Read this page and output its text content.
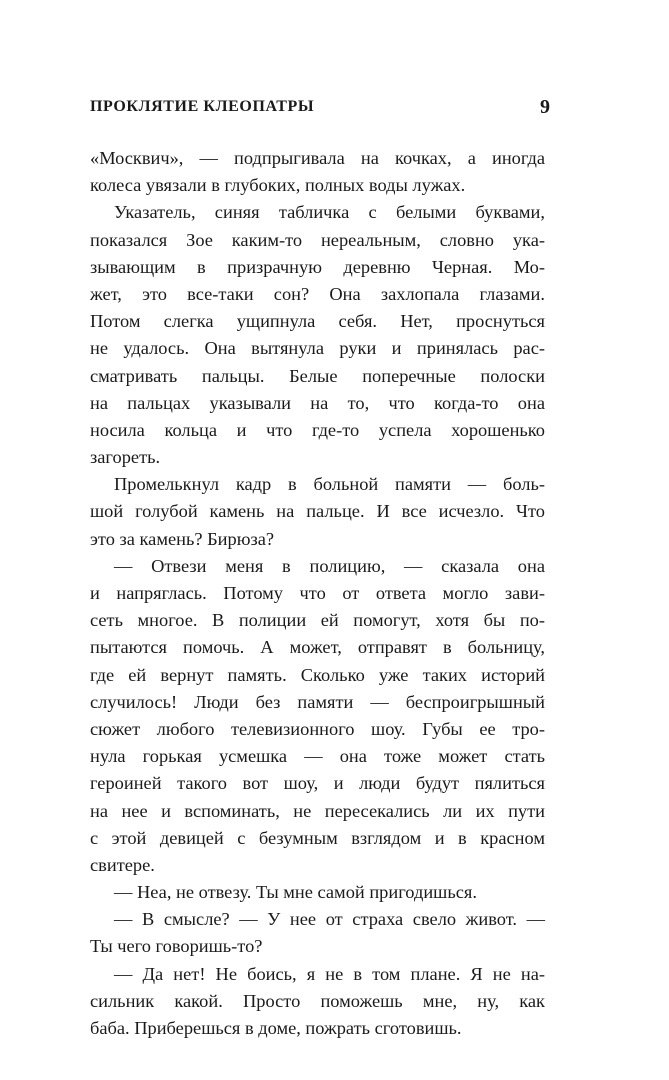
ПРОКЛЯТИЕ КЛЕОПАТРЫ	9
«Москвич», — подпрыгивала на кочках, а иногда
колеса увязали в глубоких, полных воды лужах.
Указатель, синяя табличка с белыми буквами,
показался Зое каким-то нереальным, словно ука-
зывающим в призрачную деревню Черная. Мо-
жет, это все-таки сон? Она захлопала глазами.
Потом слегка ущипнула себя. Нет, проснуться
не удалось. Она вытянула руки и принялась рас-
сматривать пальцы. Белые поперечные полоски
на пальцах указывали на то, что когда-то она
носила кольца и что где-то успела хорошенько
загореть.
Промелькнул кадр в больной памяти — боль-
шой голубой камень на пальце. И все исчезло. Что
это за камень? Бирюза?
— Отвези меня в полицию, — сказала она
и напряглась. Потому что от ответа могло зави-
сеть многое. В полиции ей помогут, хотя бы по-
пытаются помочь. А может, отправят в больницу,
где ей вернут память. Сколько уже таких историй
случилось! Люди без памяти — беспроигрышный
сюжет любого телевизионного шоу. Губы ее тро-
нула горькая усмешка — она тоже может стать
героиней такого вот шоу, и люди будут пялиться
на нее и вспоминать, не пересекались ли их пути
с этой девицей с безумным взглядом и в красном
свитере.
— Неа, не отвезу. Ты мне самой пригодишься.
— В смысле? — У нее от страха свело живот. —
Ты чего говоришь-то?
— Да нет! Не боись, я не в том плане. Я не на-
сильник какой. Просто поможешь мне, ну, как
баба. Приберешься в доме, пожрать сготовишь.
